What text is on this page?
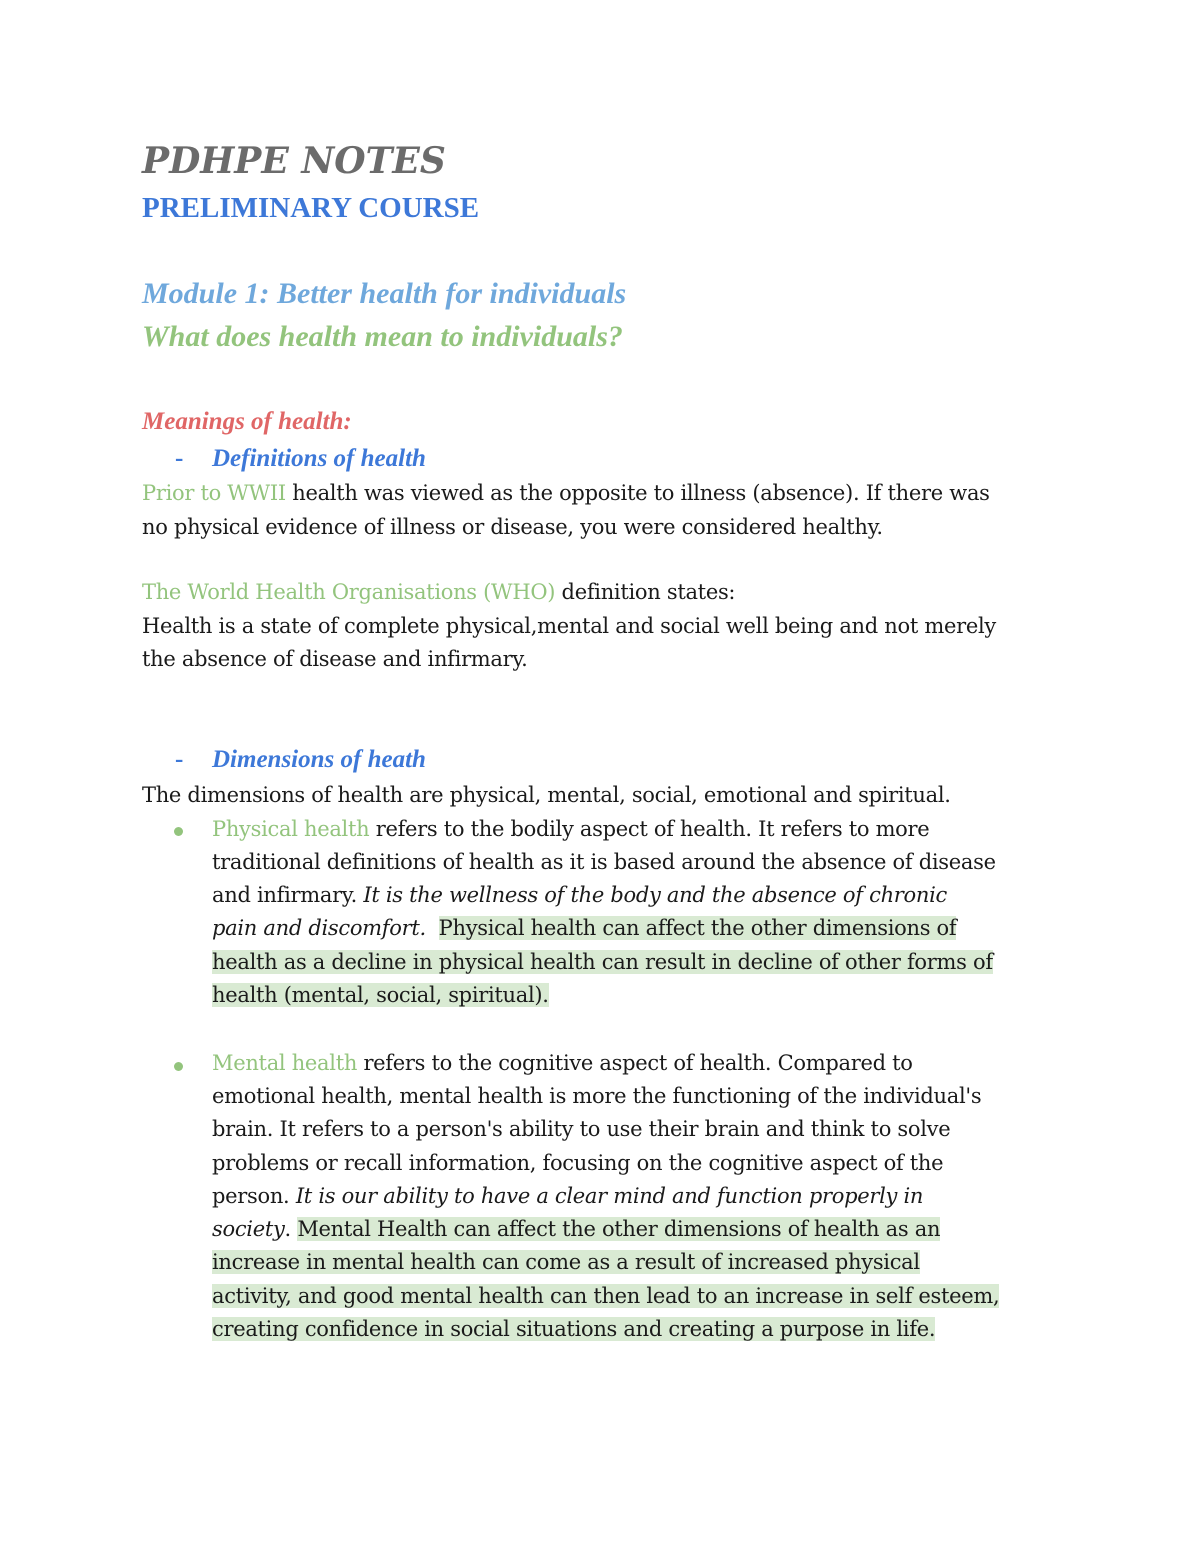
PDHPE NOTES
PRELIMINARY COURSE
Module 1: Better health for individuals
What does health mean to individuals?
Meanings of health:
- Definitions of health
Prior to WWII health was viewed as the opposite to illness (absence). If there was
no physical evidence of illness or disease, you were considered healthy.
The World Health Organisations (WHO) definition states:
Health is a state of complete physical,mental and social well being and not merely
the absence of disease and infirmary.
- Dimensions of heath
The dimensions of health are physical, mental, social, emotional and spiritual.
Physical health refers to the bodily aspect of health. It refers to more
traditional definitions of health as it is based around the absence of disease
and infirmary. It is the wellness of the body and the absence of chronic
pain and discomfort. Physical health can affect the other dimensions of
health as a decline in physical health can result in decline of other forms of
health (mental, social, spiritual).
Mental health refers to the cognitive aspect of health. Compared to
emotional health, mental health is more the functioning of the individual's
brain. It refers to a person's ability to use their brain and think to solve
problems or recall information, focusing on the cognitive aspect of the
person. It is our ability to have a clear mind and function properly in
society. Mental Health can affect the other dimensions of health as an
increase in mental health can come as a result of increased physical
activity, and good mental health can then lead to an increase in self esteem,
creating confidence in social situations and creating a purpose in life.
